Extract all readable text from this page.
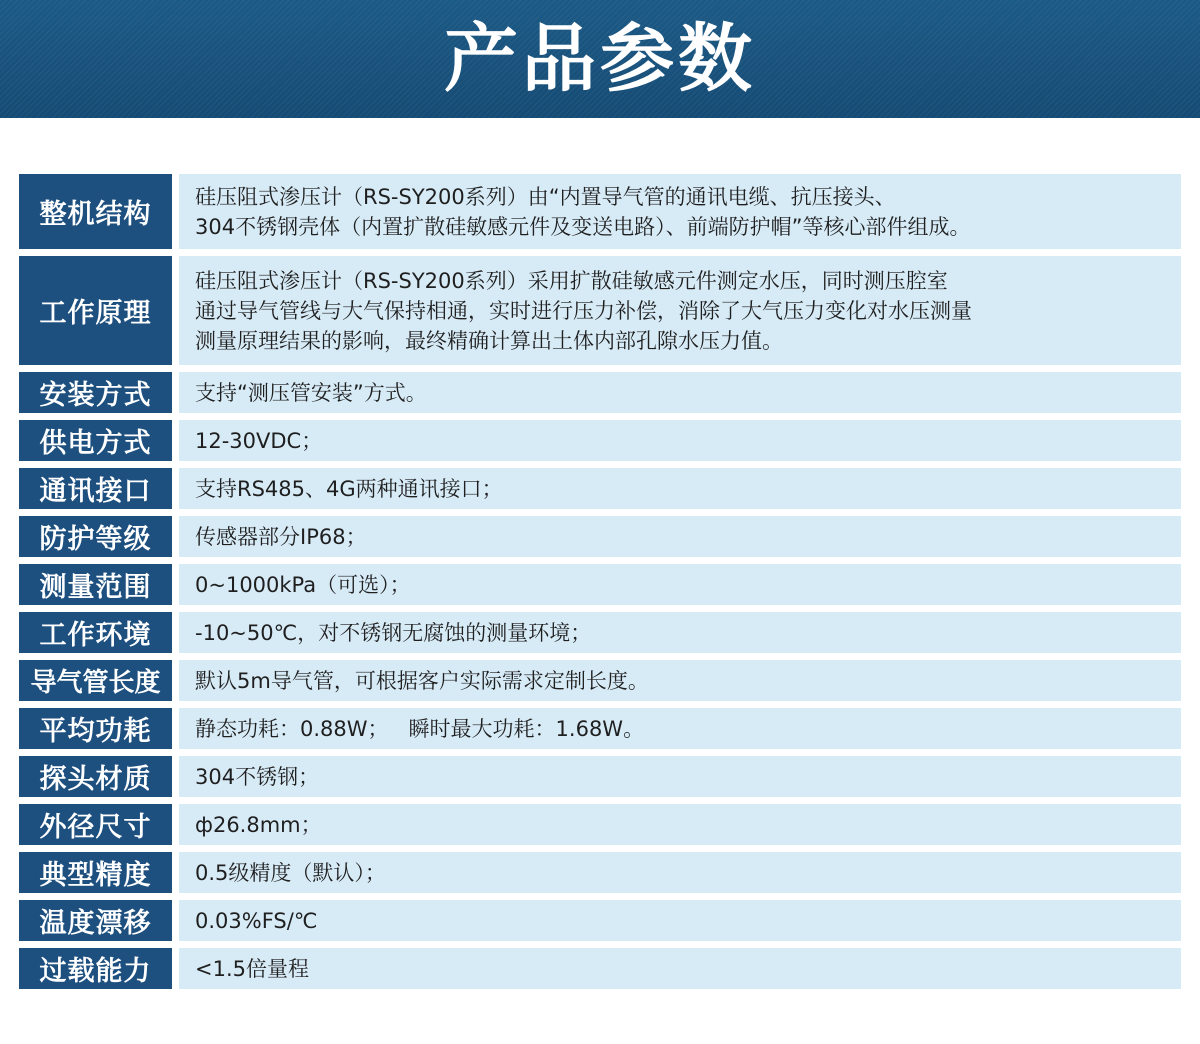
产品参数
整机结构
硅压阻式渗压计（RS-SY200系列）由“内置导气管的通讯电缆、抗压接头、
304不锈钢壳体（内置扩散硅敏感元件及变送电路）、前端防护帽”等核心部件组成。
工作原理
硅压阻式渗压计（RS-SY200系列）采用扩散硅敏感元件测定水压，同时测压腔室
通过导气管线与大气保持相通，实时进行压力补偿，消除了大气压力变化对水压测量
测量原理结果的影响，最终精确计算出土体内部孔隙水压力值。
安装方式	支持“测压管安装”方式。
供电方式	12-30VDC；
通讯接口	支持RS485、4G两种通讯接口；
防护等级	传感器部分IP68；
测量范围	0~1000kPa（可选）；
工作环境	-10~50℃，对不锈钢无腐蚀的测量环境；
导气管长度	默认5m导气管，可根据客户实际需求定制长度。
平均功耗	静态功耗：0.88W；   瞬时最大功耗：1.68W。
探头材质	304不锈钢；
外径尺寸	ф26.8mm；
典型精度	0.5级精度（默认）；
温度漂移	0.03%FS/℃
过载能力	<1.5倍量程
